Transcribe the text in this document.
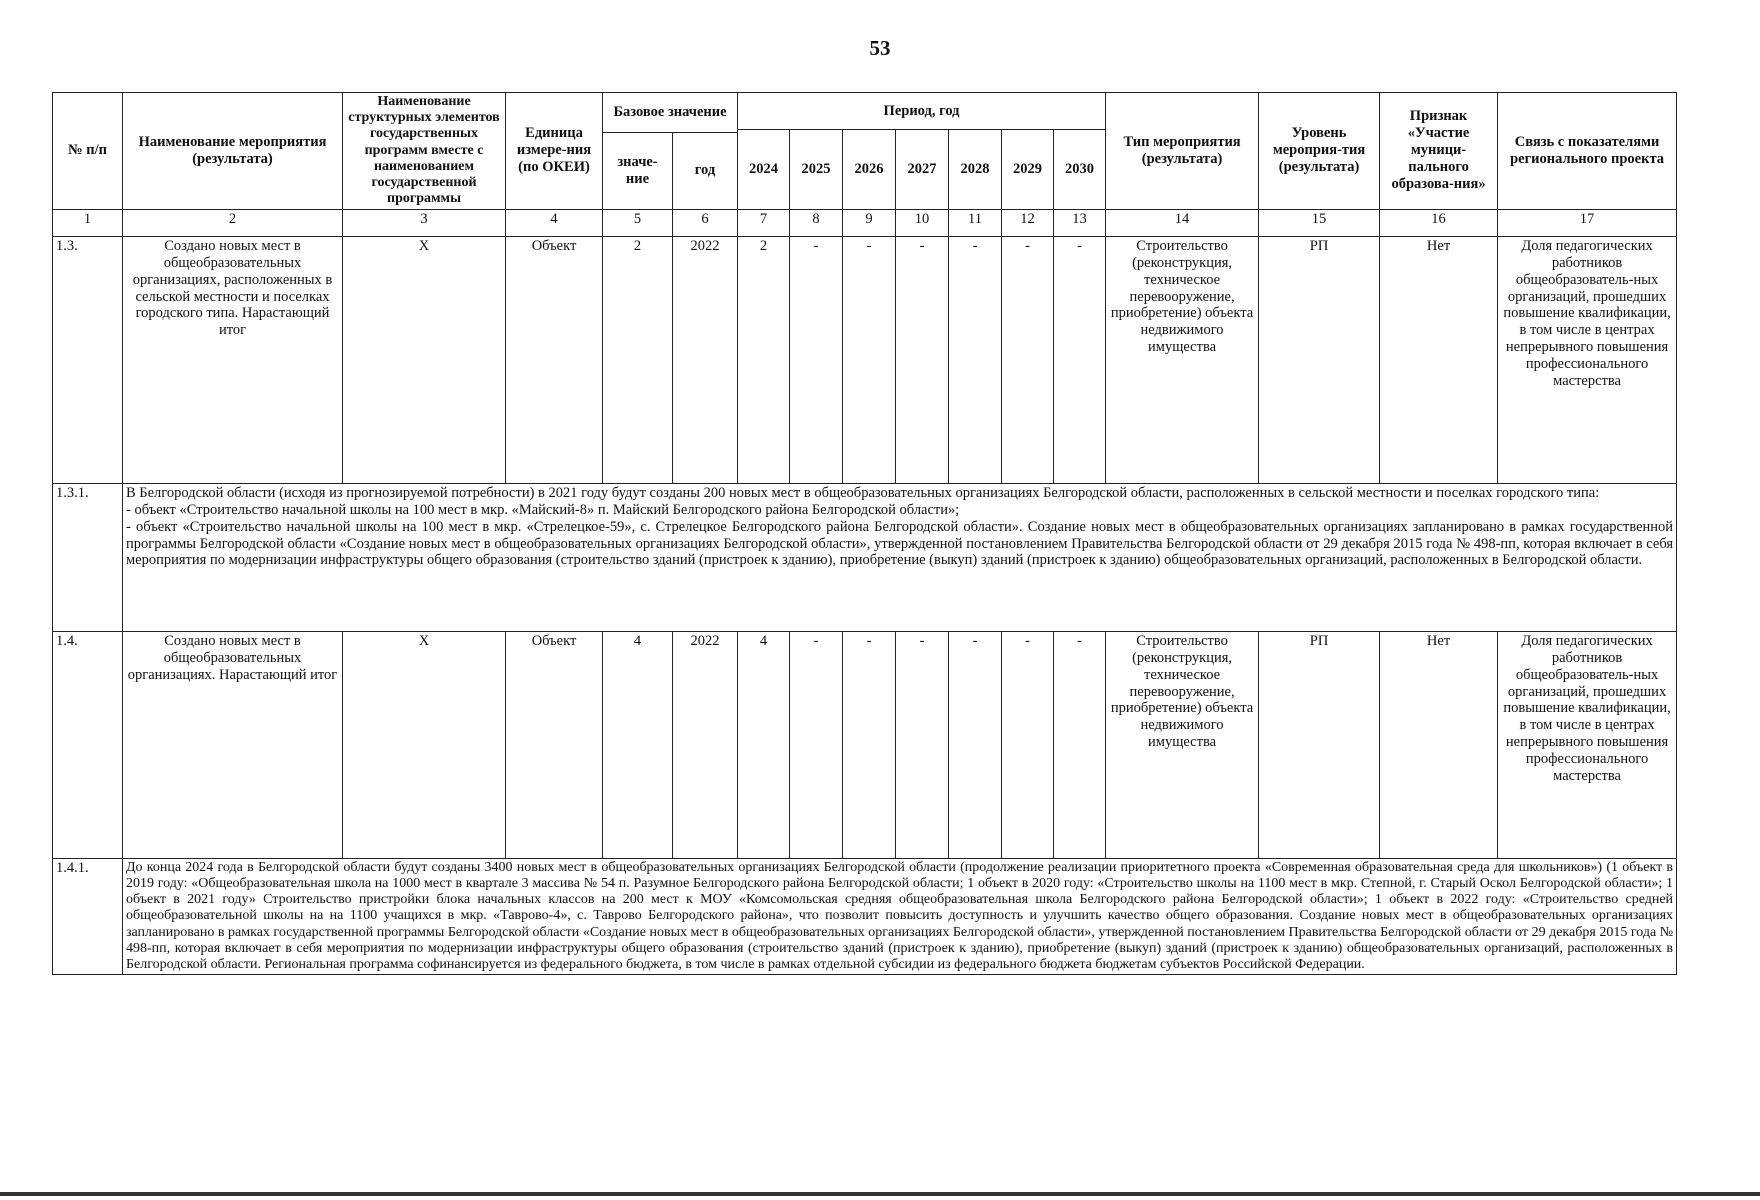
53
№ п/п	Наименование мероприятия (результата)	Наименование структурных элементов государственных программ вместе с наименованием государственной программы	Единица измере-ния (по ОКЕИ)	Базовое значение		Период, год							Тип мероприятия (результата)	Уровень мероприя-тия (результата)	Признак «Участие муници-пального образова-ния»	Связь с показателями регионального проекта
						2024	2025	2026	2027	2028	2029	2030				
				значе-ние	год											
1	2	3	4	5	6	7	8	9	10	11	12	13	14	15	16	17
1.3.	Создано новых мест в общеобразовательных организациях, расположенных в сельской местности и поселках городского типа. Нарастающий итог	X	Объект	2	2022	2	-	-	-	-	-	-	Строительство (реконструкция, техническое перевооружение, приобретение) объекта недвижимого имущества	РП	Нет	Доля педагогических работников общеобразователь-ных организаций, прошедших повышение квалификации, в том числе в центрах непрерывного повышения профессионального мастерства
1.3.1.	В Белгородской области (исходя из прогнозируемой потребности) в 2021 году будут созданы 200 новых мест в общеобразовательных организациях Белгородской области, расположенных в сельской местности и поселках городского типа:

- объект «Строительство начальной школы на 100 мест в мкр. «Майский-8» п. Майский Белгородского района Белгородской области»;

- объект «Строительство начальной школы на 100 мест в мкр. «Стрелецкое-59», с. Стрелецкое Белгородского района Белгородской области». Создание новых мест в общеобразовательных организациях запланировано в рамках государственной программы Белгородской области «Создание новых мест в общеобразовательных организациях Белгородской области», утвержденной постановлением Правительства Белгородской области от 29 декабря 2015 года № 498-пп, которая включает в себя мероприятия по модернизации инфраструктуры общего образования (строительство зданий (пристроек к зданию), приобретение (выкуп) зданий (пристроек к зданию) общеобразовательных организаций, расположенных в Белгородской области.															

1.4.	Создано новых мест в общеобразовательных организациях. Нарастающий итог	X	Объект	4	2022	4	-	-	-	-	-	-	Строительство (реконструкция, техническое перевооружение, приобретение) объекта недвижимого имущества	РП	Нет	Доля педагогических работников общеобразователь-ных организаций, прошедших повышение квалификации, в том числе в центрах непрерывного повышения профессионального мастерства
1.4.1.	До конца 2024 года в Белгородской области будут созданы 3400 новых мест в общеобразовательных организациях Белгородской области (продолжение реализации приоритетного проекта «Современная образовательная среда для школьников») (1 объект в 2019 году: «Общеобразовательная школа на 1000 мест в квартале 3 массива № 54 п. Разумное Белгородского района Белгородской области; 1 объект в 2020 году: «Строительство школы на 1100 мест в мкр. Степной, г. Старый Оскол Белгородской области»; 1 объект в 2021 году» Строительство пристройки блока начальных классов на 200 мест к МОУ «Комсомольская средняя общеобразовательная школа Белгородского района Белгородской области»; 1 объект в 2022 году: «Строительство средней общеобразовательной школы на на 1100 учащихся в мкр. «Таврово-4», с. Таврово Белгородского района», что позволит повысить доступность и улучшить качество общего образования. Создание новых мест в общеобразовательных организациях запланировано в рамках государственной программы Белгородской области «Создание новых мест в общеобразовательных организациях Белгородской области», утвержденной постановлением Правительства Белгородской области от 29 декабря 2015 года № 498-пп, которая включает в себя мероприятия по модернизации инфраструктуры общего образования (строительство зданий (пристроек к зданию), приобретение (выкуп) зданий (пристроек к зданию) общеобразовательных организаций, расположенных в Белгородской области. Региональная программа софинансируется из федерального бюджета, в том числе в рамках отдельной субсидии из федерального бюджета бюджетам субъектов Российской Федерации.															
